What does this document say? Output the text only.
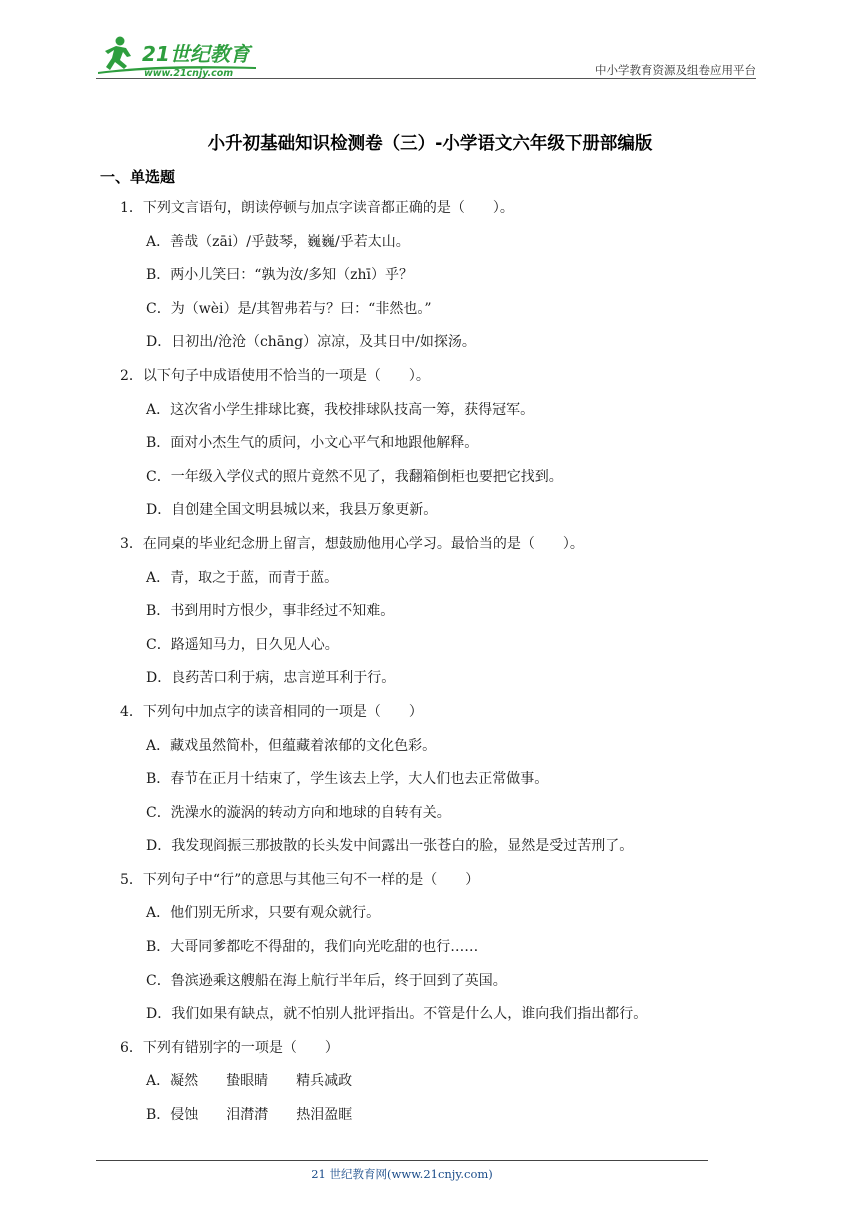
21世纪教育
www.21cnjy.com	中小学教育资源及组卷应用平台
小升初基础知识检测卷（三）-小学语文六年级下册部编版
一、单选题

1．下列文言语句，朗读停顿与加点字读音都正确的是（　　）。

A．善哉（zāi）/乎鼓琴，巍巍/乎若太山。

B．两小儿笑曰：“孰为汝/多知（zhī）乎？

C．为（wèi）是/其智弗若与？曰：“非然也。”

D．日初出/沧沧（chāng）凉凉，及其日中/如探汤。

2．以下句子中成语使用不恰当的一项是（　　）。

A．这次省小学生排球比赛，我校排球队技高一筹，获得冠军。

B．面对小杰生气的质问，小文心平气和地跟他解释。

C．一年级入学仪式的照片竟然不见了，我翻箱倒柜也要把它找到。

D．自创建全国文明县城以来，我县万象更新。

3．在同桌的毕业纪念册上留言，想鼓励他用心学习。最恰当的是（　　）。

A．青，取之于蓝，而青于蓝。

B．书到用时方恨少，事非经过不知难。

C．路遥知马力，日久见人心。

D．良药苦口利于病，忠言逆耳利于行。

4．下列句中加点字的读音相同的一项是（　　）

A．藏戏虽然简朴，但蕴藏着浓郁的文化色彩。

B．春节在正月十结束了，学生该去上学，大人们也去正常做事。

C．洗澡水的漩涡的转动方向和地球的自转有关。

D．我发现阎振三那披散的长头发中间露出一张苍白的脸，显然是受过苦刑了。

5．下列句子中“行”的意思与其他三句不一样的是（　　）

A．他们别无所求，只要有观众就行。

B．大哥同爹都吃不得甜的，我们向光吃甜的也行……

C．鲁滨逊乘这艘船在海上航行半年后，终于回到了英国。

D．我们如果有缺点，就不怕别人批评指出。不管是什么人，谁向我们指出都行。

6．下列有错别字的一项是（　　）

A．凝然　　蛰眼睛　　精兵减政

B．侵蚀　　泪潸潸　　热泪盈眶

21 世纪教育网(www.21cnjy.com)
